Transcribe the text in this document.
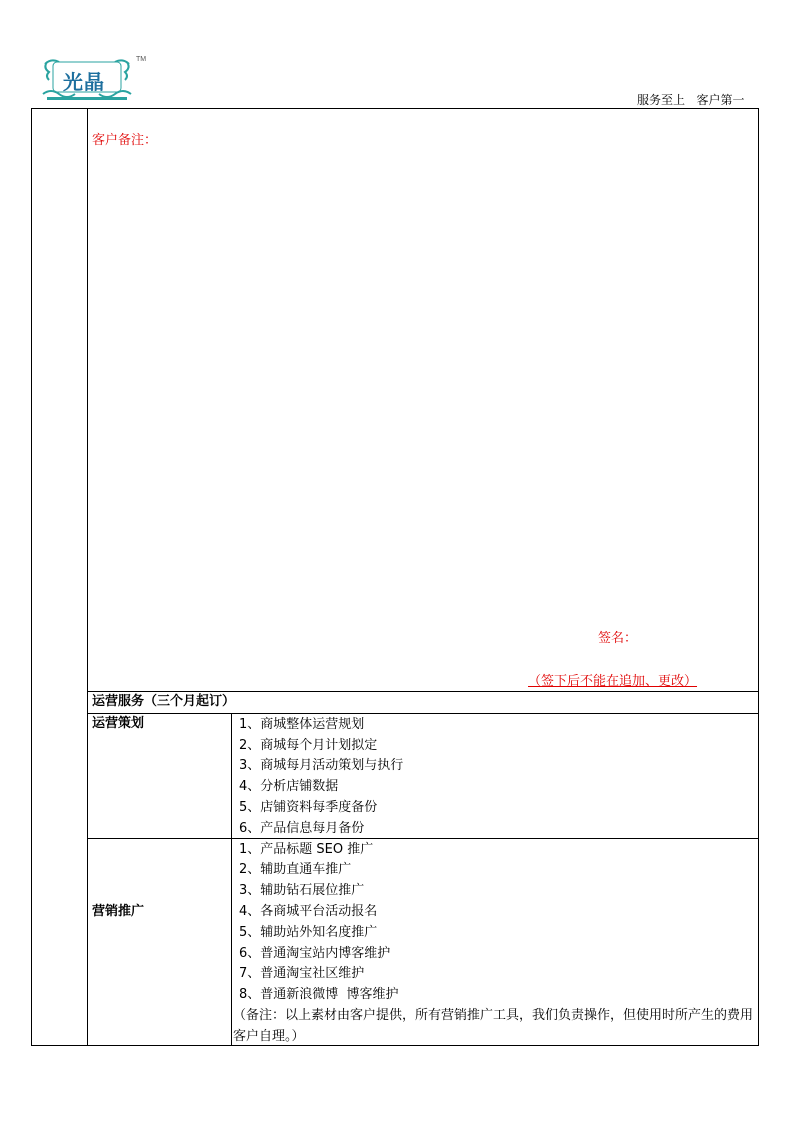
光晶
TM
服务至上   客户第一
客户备注：
签名：
（签下后不能在追加、更改）
运营服务（三个月起订）
运营策划	1、商城整体运营规划
2、商城每个月计划拟定
3、商城每月活动策划与执行
4、分析店铺数据
5、店铺资料每季度备份
6、产品信息每月备份
营销推广
1、产品标题 SEO 推广
2、辅助直通车推广
3、辅助钻石展位推广
4、各商城平台活动报名
5、辅助站外知名度推广
6、普通淘宝站内博客维护
7、普通淘宝社区维护
8、普通新浪微博  博客维护
（备注：以上素材由客户提供，所有营销推广工具，我们负责操作，但使用时所产生的费用客户自理。）
